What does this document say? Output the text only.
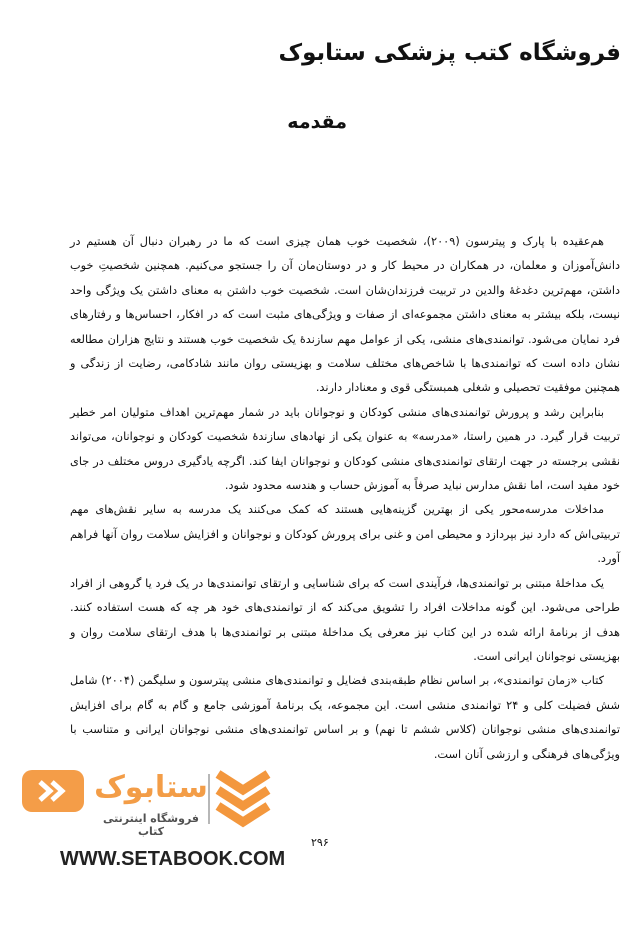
فروشگاه کتب پزشکی ستابوک
مقدمه

هم‌عقیده با پارک و پیترسون (۲۰۰۹)، شخصیت خوب همان چیزی است که ما در رهبران دنبال آن هستیم در دانش‌آموزان و معلمان، در همکاران در محیط کار و در دوستان‌مان آن را جستجو می‌کنیم. همچنین شخصیتِ خوب داشتن، مهم‌ترین دغدغهٔ والدین در تربیت فرزندان‌شان است. شخصیت خوب داشتن به معنای داشتن یک ویژگی واحد نیست، بلکه بیشتر به معنای داشتن مجموعه‌ای از صفات و ویژگی‌های مثبت است که در افکار، احساس‌ها و رفتارهای فرد نمایان می‌شود. توانمندی‌های منشی، یکی از عوامل مهم سازندهٔ یک شخصیت خوب هستند و نتایج هزاران مطالعه نشان داده است که توانمندی‌ها با شاخص‌های مختلف سلامت و بهزیستی روان مانند شادکامی، رضایت از زندگی و همچنین موفقیت تحصیلی و شغلی همبستگی قوی و معنادار دارند.

بنابراین رشد و پرورش توانمندی‌های منشی کودکان و نوجوانان باید در شمار مهم‌ترین اهداف متولیان امر خطیر تربیت قرار گیرد. در همین راستا، «مدرسه» به عنوان یکی از نهادهای سازندهٔ شخصیت کودکان و نوجوانان، می‌تواند نقشی برجسته در جهت ارتقای توانمندی‌های منشی کودکان و نوجوانان ایفا کند. اگرچه یادگیری دروس مختلف در جای خود مفید است، اما نقش مدارس نباید صرفاً به آموزش حساب و هندسه محدود شود.

مداخلات مدرسه‌محور یکی از بهترین گزینه‌هایی هستند که کمک می‌کنند یک مدرسه به سایر نقش‌های مهم تربیتی‌اش که دارد نیز بپردازد و محیطی امن و غنی برای پرورش کودکان و نوجوانان و افزایش سلامت روان آنها فراهم آورد.

یک مداخلهٔ مبتنی بر توانمندی‌ها، فرآیندی است که برای شناسایی و ارتقای توانمندی‌ها در یک فرد یا گروهی از افراد طراحی می‌شود. این گونه مداخلات افراد را تشویق می‌کند که از توانمندی‌های خود هر چه که هست استفاده کنند. هدف از برنامهٔ ارائه شده در این کتاب نیز معرفی یک مداخلهٔ مبتنی بر توانمندی‌ها با هدف ارتقای سلامت روان و بهزیستی نوجوانان ایرانی است.

کتاب «زمان توانمندی»، بر اساس نظام طبقه‌بندی فضایل و توانمندی‌های منشی پیترسون و سلیگمن (۲۰۰۴) شامل شش فضیلت کلی و ۲۴ توانمندی منشی است. این مجموعه، یک برنامهٔ آموزشی جامع و گام به گام برای افزایش توانمندی‌های منشی نوجوانان (کلاس ششم تا نهم) و بر اساس توانمندی‌های منشی نوجوانان ایرانی و متناسب با ویژگی‌های فرهنگی و ارزشی آنان است.

۲۹۶
ستابوک
فروشگاه اینترنتی کتاب
WWW.SETABOOK.COM
